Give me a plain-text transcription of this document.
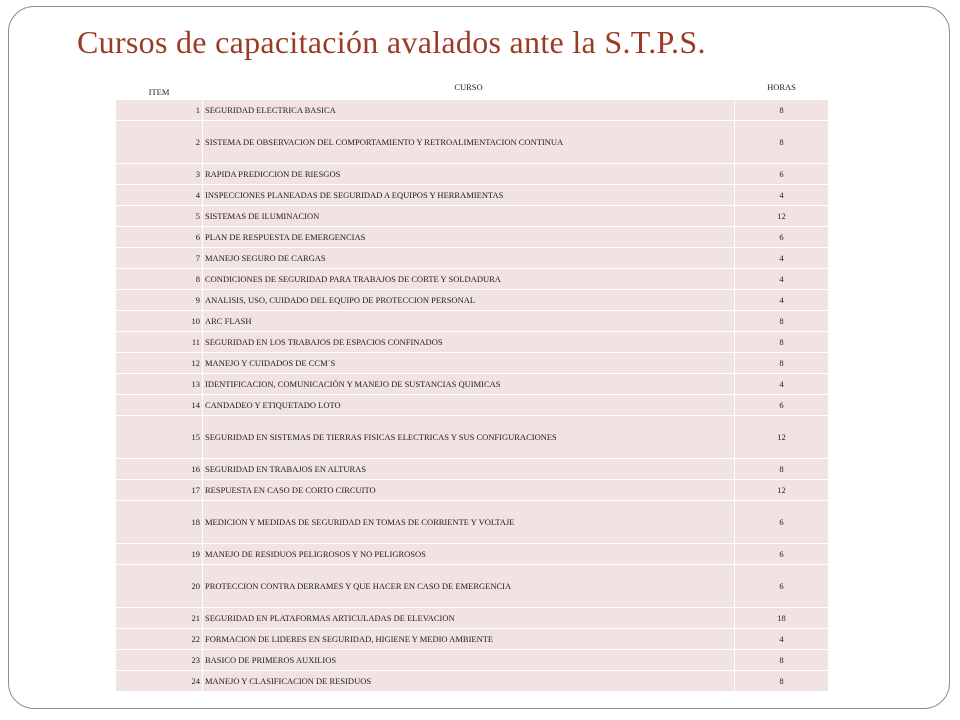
Cursos de capacitación avalados ante la S.T.P.S.
ITEM	CURSO	HORAS
1	SEGURIDAD ELECTRICA BASICA	8
2	SISTEMA DE OBSERVACION DEL COMPORTAMIENTO Y RETROALIMENTACION CONTINUA	8
3	RAPIDA PREDICCION DE RIESGOS	6
4	INSPECCIONES PLANEADAS DE SEGURIDAD A EQUIPOS Y HERRAMIENTAS	4
5	SISTEMAS DE ILUMINACION	12
6	PLAN DE RESPUESTA DE EMERGENCIAS	6
7	MANEJO SEGURO DE CARGAS	4
8	CONDICIONES DE SEGURIDAD PARA TRABAJOS DE CORTE Y SOLDADURA	4
9	ANALISIS, USO, CUIDADO DEL EQUIPO DE PROTECCION PERSONAL	4
10	ARC FLASH	8
11	SEGURIDAD EN LOS TRABAJOS DE ESPACIOS CONFINADOS	8
12	MANEJO Y CUIDADOS DE CCM´S	8
13	IDENTIFICACION, COMUNICACIÓN Y MANEJO DE SUSTANCIAS QUIMICAS	4
14	CANDADEO Y ETIQUETADO LOTO	6
15	SEGURIDAD EN SISTEMAS DE TIERRAS FISICAS ELECTRICAS Y SUS CONFIGURACIONES	12
16	SEGURIDAD EN TRABAJOS EN ALTURAS	8
17	RESPUESTA EN CASO DE CORTO CIRCUITO	12
18	MEDICION Y MEDIDAS DE SEGURIDAD EN TOMAS DE CORRIENTE Y VOLTAJE	6
19	MANEJO DE RESIDUOS PELIGROSOS Y NO PELIGROSOS	6
20	PROTECCION CONTRA DERRAMES Y QUE HACER EN CASO DE EMERGENCIA	6
21	SEGURIDAD EN PLATAFORMAS ARTICULADAS DE ELEVACION	18
22	FORMACION DE LIDERES EN SEGURIDAD, HIGIENE Y MEDIO AMBIENTE	4
23	BASICO DE PRIMEROS AUXILIOS	8
24	MANEJO Y CLASIFICACION DE RESIDUOS	8
